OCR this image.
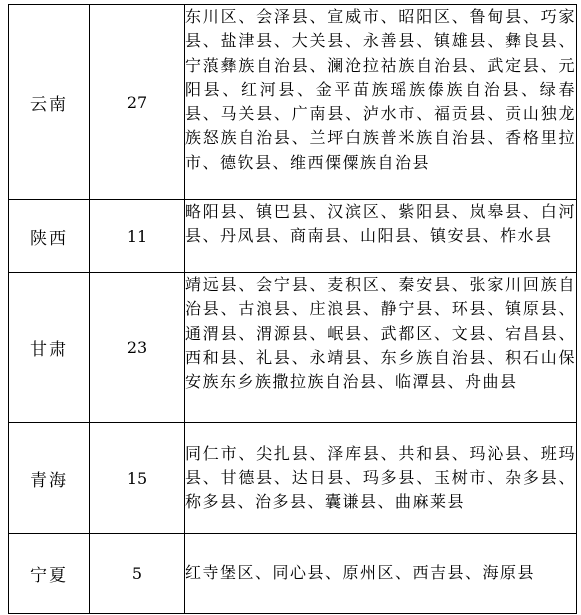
云南	27	东川区、会泽县、宣威市、昭阳区、鲁甸县、巧家县、盐津县、大关县、永善县、镇雄县、彝良县、宁蒗彝族自治县、澜沧拉祜族自治县、武定县、元阳县、红河县、金平苗族瑶族傣族自治县、绿春县、马关县、广南县、泸水市、福贡县、贡山独龙族怒族自治县、兰坪白族普米族自治县、香格里拉市、德钦县、维西傈僳族自治县
陕西	11	略阳县、镇巴县、汉滨区、紫阳县、岚皋县、白河县、丹凤县、商南县、山阳县、镇安县、柞水县
甘肃	23	靖远县、会宁县、麦积区、秦安县、张家川回族自治县、古浪县、庄浪县、静宁县、环县、镇原县、通渭县、渭源县、岷县、武都区、文县、宕昌县、西和县、礼县、永靖县、东乡族自治县、积石山保安族东乡族撒拉族自治县、临潭县、舟曲县
青海	15	同仁市、尖扎县、泽库县、共和县、玛沁县、班玛县、甘德县、达日县、玛多县、玉树市、杂多县、称多县、治多县、囊谦县、曲麻莱县
宁夏	5	红寺堡区、同心县、原州区、西吉县、海原县
